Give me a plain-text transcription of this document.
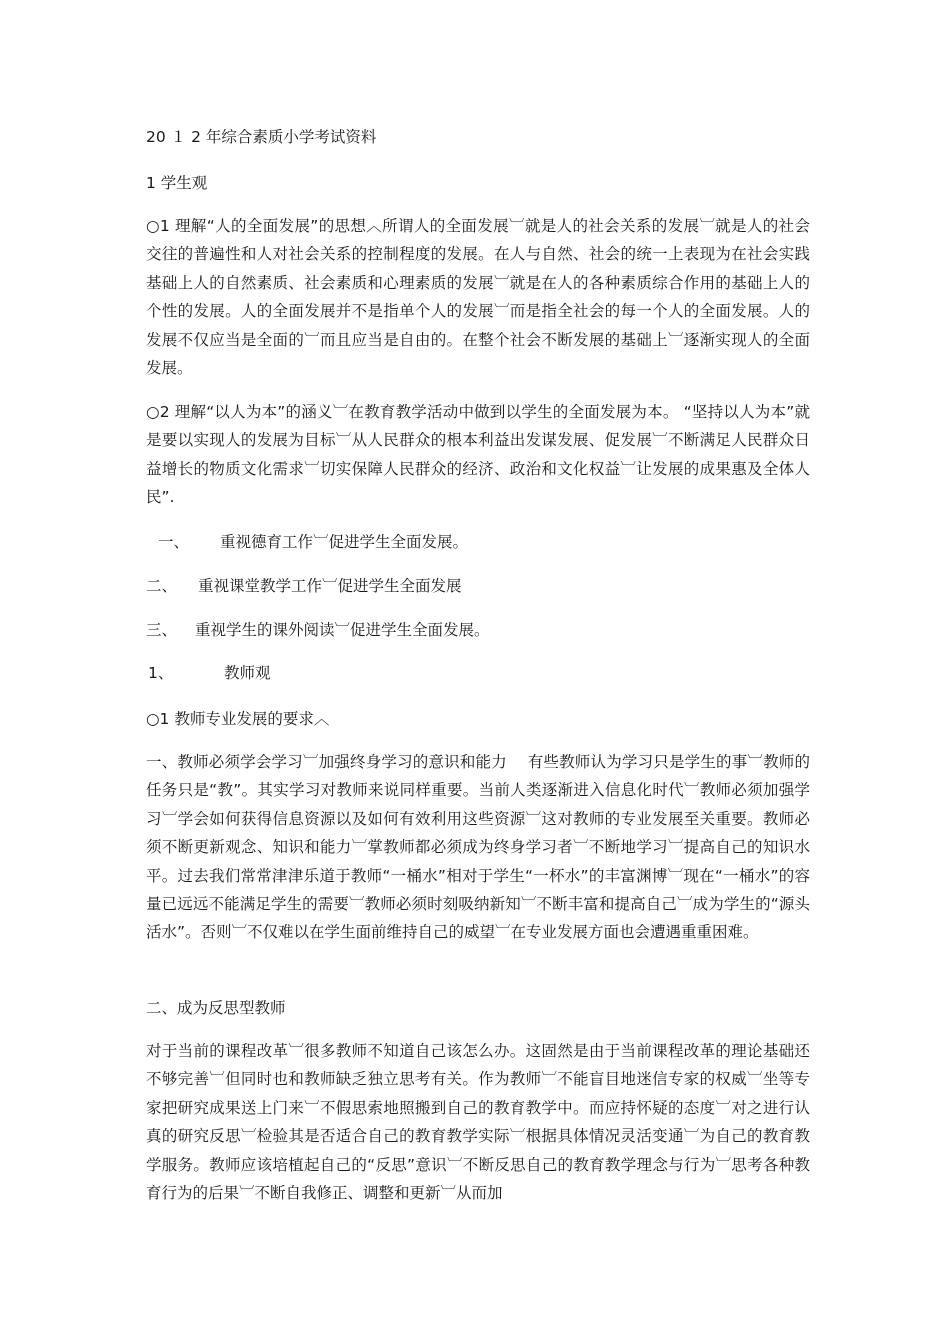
20 １ 2 年综合素质小学考试资料
1 学生观
○1 理解“人的全面发展”的思想︿所谓人的全面发展︺就是人的社会关系的发展︺就是人的社会交往的普遍性和人对社会关系的控制程度的发展。在人与自然、社会的统一上表现为在社会实践基础上人的自然素质、社会素质和心理素质的发展︺就是在人的各种素质综合作用的基础上人的个性的发展。人的全面发展并不是指单个人的发展︺而是指全社会的每一个人的全面发展。人的发展不仅应当是全面的︺而且应当是自由的。在整个社会不断发展的基础上︺逐渐实现人的全面发展。
○2 理解“以人为本”的涵义︺在教育教学活动中做到以学生的全面发展为本。 “坚持以人为本”就是要以实现人的发展为目标︺从人民群众的根本利益出发谋发展、促发展︺不断满足人民群众日益增长的物质文化需求︺切实保障人民群众的经济、政治和文化权益︺让发展的成果惠及全体人民”.
一、 重视德育工作︺促进学生全面发展。
二、 重视课堂教学工作︺促进学生全面发展
三、 重视学生的课外阅读︺促进学生全面发展。
1、	教师观
○1 教师专业发展的要求︿
一、教师必须学会学习︺加强终身学习的意识和能力　 有些教师认为学习只是学生的事︺教师的任务只是“教”。其实学习对教师来说同样重要。当前人类逐渐进入信息化时代︺教师必须加强学习︺学会如何获得信息资源以及如何有效利用这些资源︺这对教师的专业发展至关重要。教师必须不断更新观念、知识和能力︺掌教师都必须成为终身学习者︺不断地学习︺提高自己的知识水平。过去我们常常津津乐道于教师“一桶水”相对于学生“一杯水”的丰富渊博︺现在“一桶水”的容量已远远不能满足学生的需要︺教师必须时刻吸纳新知︺不断丰富和提高自己︺成为学生的“源头活水”。否则︺不仅难以在学生面前维持自己的威望︺在专业发展方面也会遭遇重重困难。
二、成为反思型教师
对于当前的课程改革︺很多教师不知道自己该怎么办。这固然是由于当前课程改革的理论基础还不够完善︺但同时也和教师缺乏独立思考有关。作为教师︺不能盲目地迷信专家的权威︺坐等专家把研究成果送上门来︺不假思索地照搬到自己的教育教学中。而应持怀疑的态度︺对之进行认真的研究反思︺检验其是否适合自己的教育教学实际︺根据具体情况灵活变通︺为自己的教育教学服务。教师应该培植起自己的“反思”意识︺不断反思自己的教育教学理念与行为︺思考各种教育行为的后果︺不断自我修正、调整和更新︺从而加
